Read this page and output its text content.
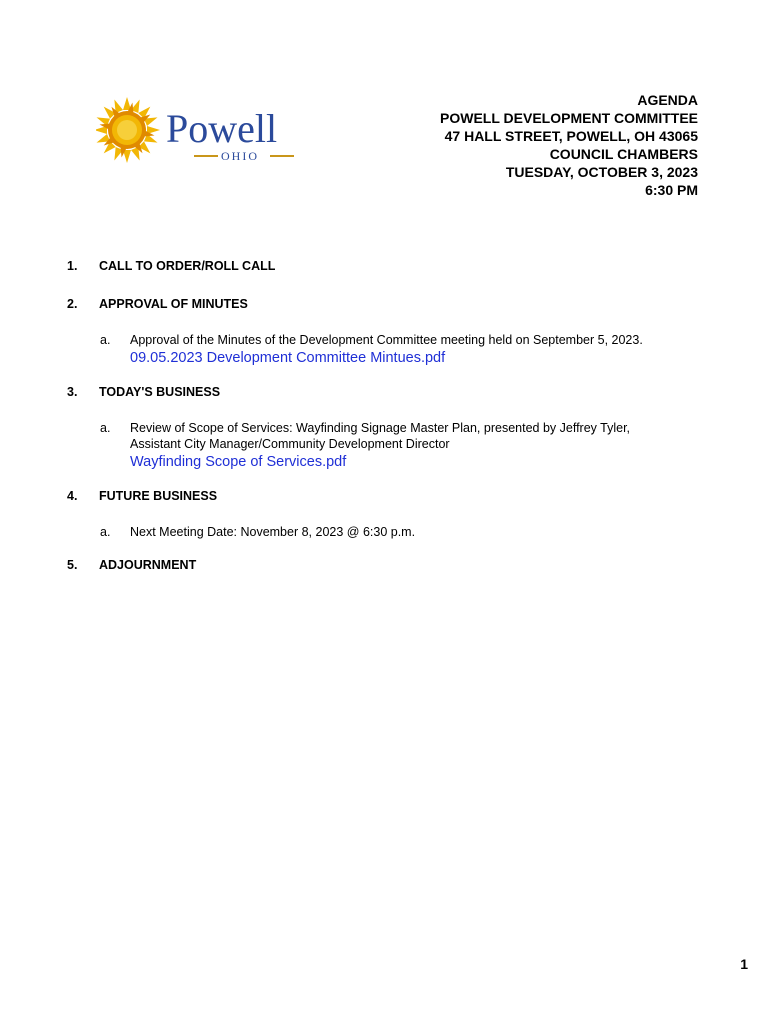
Powell
OHIO
AGENDA
POWELL DEVELOPMENT COMMITTEE
47 HALL STREET, POWELL, OH 43065
COUNCIL CHAMBERS
TUESDAY, OCTOBER 3, 2023
6:30 PM
1. CALL TO ORDER/ROLL CALL
2. APPROVAL OF MINUTES
a. Approval of the Minutes of the Development Committee meeting held on September 5, 2023.
09.05.2023 Development Committee Mintues.pdf
3. TODAY'S BUSINESS
a. Review of Scope of Services: Wayfinding Signage Master Plan, presented by Jeffrey Tyler,
Assistant City Manager/Community Development Director
Wayfinding Scope of Services.pdf
4. FUTURE BUSINESS
a. Next Meeting Date: November 8, 2023 @ 6:30 p.m.
5. ADJOURNMENT
1
